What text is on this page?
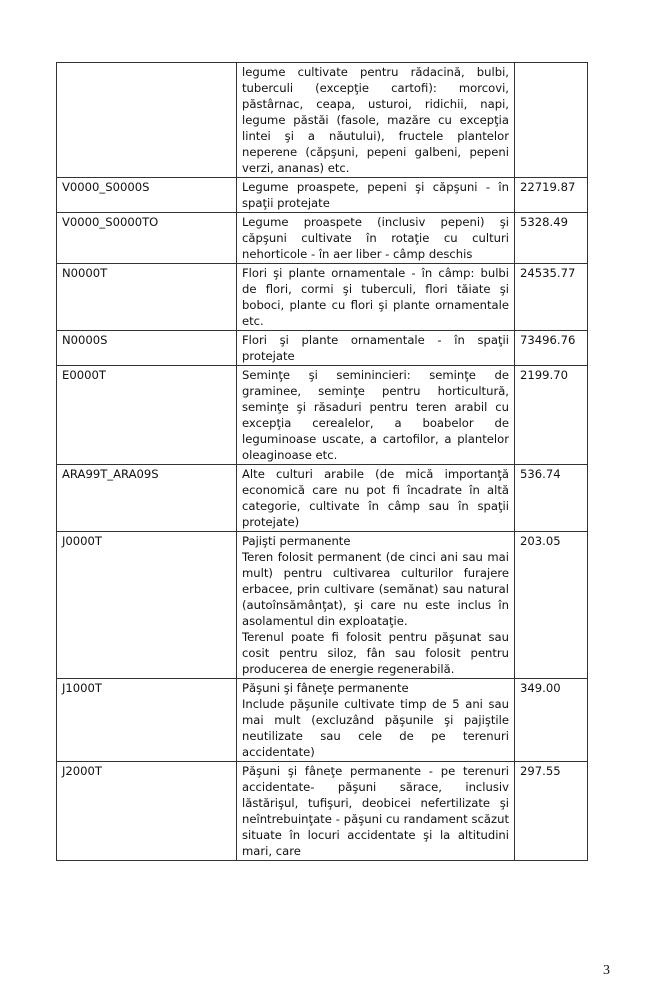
	legume cultivate pentru rădacină, bulbi, tuberculi (excepţie cartofi): morcovi, păstârnac, ceapa, usturoi, ridichii, napi, legume păstăi (fasole, mazăre cu excepţia lintei şi a năutului), fructele plantelor neperene (căpşuni, pepeni galbeni, pepeni verzi, ananas) etc.	
V0000_S0000S	Legume proaspete, pepeni şi căpşuni - în spaţii protejate	22719.87
V0000_S0000TO	Legume proaspete (inclusiv pepeni) şi căpşuni cultivate în rotaţie cu culturi nehorticole - în aer liber - câmp deschis	5328.49
N0000T	Flori şi plante ornamentale - în câmp: bulbi de flori, cormi şi tuberculi, flori tăiate şi boboci, plante cu flori şi plante ornamentale etc.	24535.77
N0000S	Flori şi plante ornamentale - în spaţii protejate	73496.76
E0000T	Seminţe şi seminincieri: seminţe de graminee, seminţe pentru horticultură, seminţe şi răsaduri pentru teren arabil cu excepţia cerealelor, a boabelor de leguminoase uscate, a cartofilor, a plantelor oleaginoase etc.	2199.70
ARA99T_ARA09S	Alte culturi arabile (de mică importanţă economică care nu pot fi încadrate în altă categorie, cultivate în câmp sau în spaţii protejate)	536.74
J0000T	Pajişti permanente
Teren folosit permanent (de cinci ani sau mai mult) pentru cultivarea culturilor furajere erbacee, prin cultivare (semănat) sau natural (autoînsămânţat), şi care nu este inclus în asolamentul din exploataţie.
Terenul poate fi folosit pentru păşunat sau cosit pentru siloz, fân sau folosit pentru producerea de energie regenerabilă.	203.05
J1000T	Păşuni şi fâneţe permanente
Include păşunile cultivate timp de 5 ani sau mai mult (excluzând păşunile şi pajiştile neutilizate sau cele de pe terenuri accidentate)	349.00
J2000T	Păşuni şi fâneţe permanente - pe terenuri accidentate- păşuni sărace, inclusiv lăstărişul, tufişuri, deobicei nefertilizate şi neîntrebuinţate - păşuni cu randament scăzut situate în locuri accidentate şi la altitudini mari, care	297.55
3
